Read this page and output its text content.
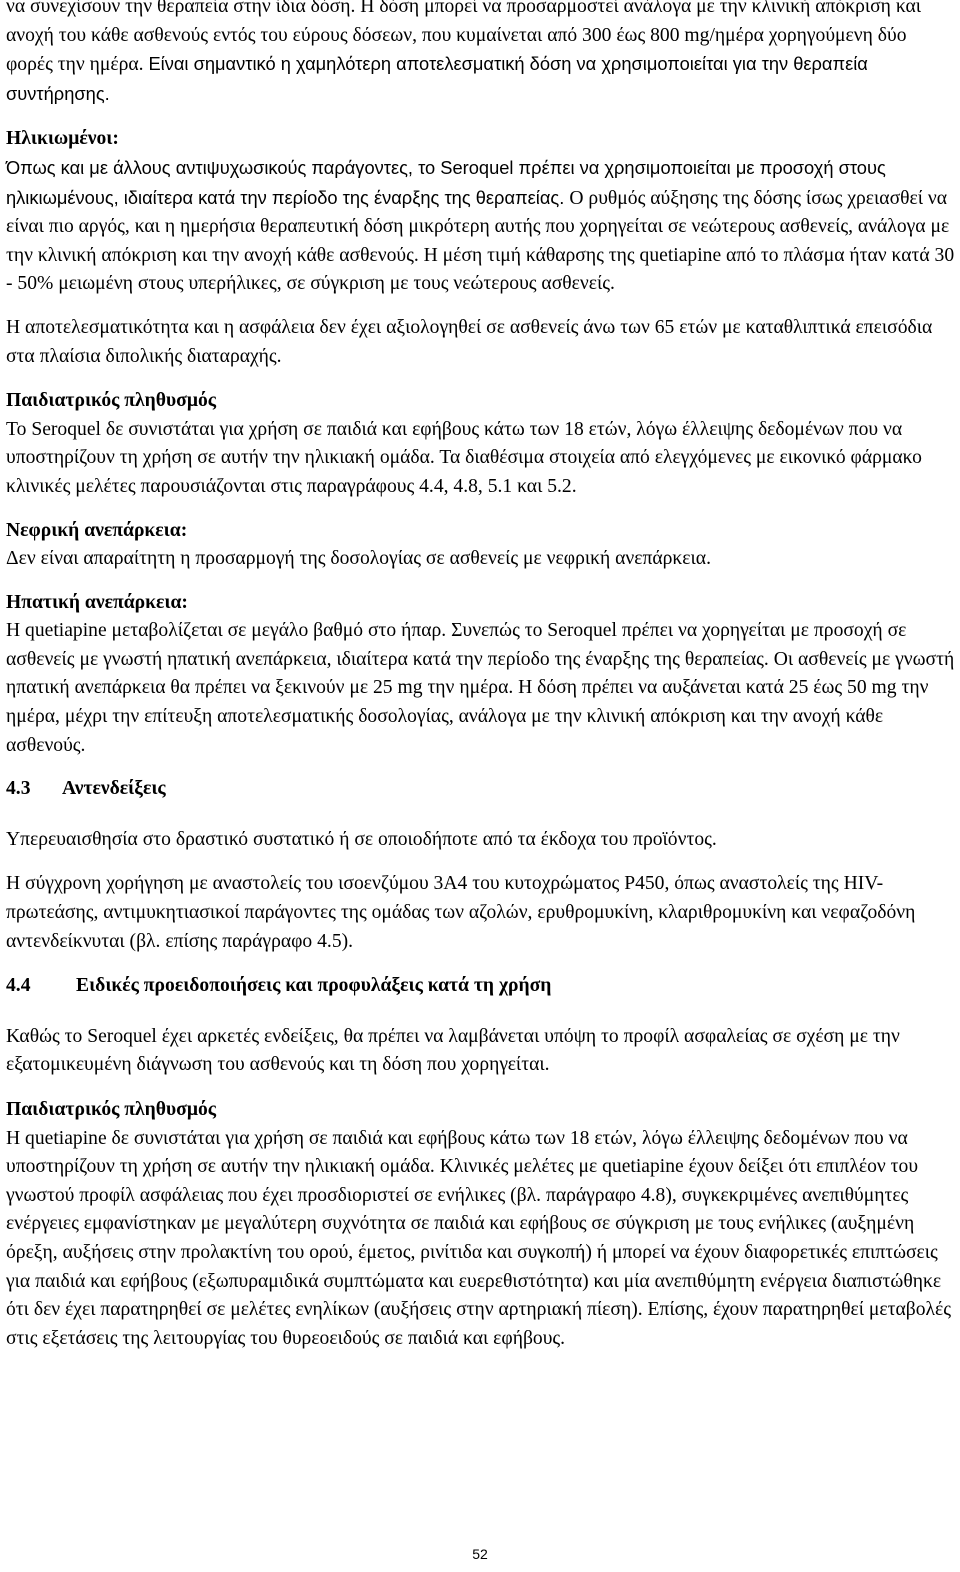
να συνεχίσουν την θεραπεία στην ίδια δόση. Η δόση μπορεί να προσαρμοστεί ανάλογα με την κλινική απόκριση και ανοχή του κάθε ασθενούς εντός του εύρους δόσεων, που κυμαίνεται από 300 έως 800 mg/ημέρα χορηγούμενη δύο φορές την ημέρα. Είναι σημαντικό η χαμηλότερη αποτελεσματική δόση να χρησιμοποιείται για την θεραπεία συντήρησης.

Ηλικιωμένοι:

Όπως και με άλλους αντιψυχωσικούς παράγοντες, το Seroquel πρέπει να χρησιμοποιείται με προσοχή στους ηλικιωμένους, ιδιαίτερα κατά την περίοδο της έναρξης της θεραπείας. Ο ρυθμός αύξησης της δόσης ίσως χρειασθεί να είναι πιο αργός, και η ημερήσια θεραπευτική δόση μικρότερη αυτής που χορηγείται σε νεώτερους ασθενείς, ανάλογα με την κλινική απόκριση και την ανοχή κάθε ασθενούς. Η μέση τιμή κάθαρσης της quetiapine από το πλάσμα ήταν κατά 30 - 50% μειωμένη στους υπερήλικες, σε σύγκριση με τους νεώτερους ασθενείς.

Η αποτελεσματικότητα και η ασφάλεια δεν έχει αξιολογηθεί σε ασθενείς άνω των 65 ετών με καταθλιπτικά επεισόδια στα πλαίσια διπολικής διαταραχής.

Παιδιατρικός πληθυσμός

Το Seroquel δε συνιστάται για χρήση σε παιδιά και εφήβους κάτω των 18 ετών, λόγω έλλειψης δεδομένων που να υποστηρίζουν τη χρήση σε αυτήν την ηλικιακή ομάδα. Τα διαθέσιμα στοιχεία από ελεγχόμενες με εικονικό φάρμακο κλινικές μελέτες παρουσιάζονται στις παραγράφους 4.4, 4.8, 5.1 και 5.2.

Νεφρική ανεπάρκεια:

Δεν είναι απαραίτητη η προσαρμογή της δοσολογίας σε ασθενείς με νεφρική ανεπάρκεια.

Ηπατική ανεπάρκεια:

Η quetiapine μεταβολίζεται σε μεγάλο βαθμό στο ήπαρ. Συνεπώς το Seroquel πρέπει να χορηγείται με προσοχή σε ασθενείς με γνωστή ηπατική ανεπάρκεια, ιδιαίτερα κατά την περίοδο της έναρξης της θεραπείας. Οι ασθενείς με γνωστή ηπατική ανεπάρκεια θα πρέπει να ξεκινούν με 25 mg την ημέρα. Η δόση πρέπει να αυξάνεται κατά 25 έως 50 mg την ημέρα, μέχρι την επίτευξη αποτελεσματικής δοσολογίας, ανάλογα με την κλινική απόκριση και την ανοχή κάθε ασθενούς.

4.3 Αντενδείξεις

Υπερευαισθησία στο δραστικό συστατικό ή σε οποιοδήποτε από τα έκδοχα του προϊόντος.

Η σύγχρονη χορήγηση με αναστολείς του ισοενζύμου 3A4 του κυτοχρώματος P450, όπως αναστολείς της HIV-πρωτεάσης, αντιμυκητιασικοί παράγοντες της ομάδας των αζολών, ερυθρομυκίνη, κλαριθρομυκίνη και νεφαζοδόνη αντενδείκνυται (βλ. επίσης παράγραφο 4.5).

4.4 Ειδικές προειδοποιήσεις και προφυλάξεις κατά τη χρήση

Καθώς το Seroquel έχει αρκετές ενδείξεις, θα πρέπει να λαμβάνεται υπόψη το προφίλ ασφαλείας σε σχέση με την εξατομικευμένη διάγνωση του ασθενούς και τη δόση που χορηγείται.

Παιδιατρικός πληθυσμός

Η quetiapine δε συνιστάται για χρήση σε παιδιά και εφήβους κάτω των 18 ετών, λόγω έλλειψης δεδομένων που να υποστηρίζουν τη χρήση σε αυτήν την ηλικιακή ομάδα. Κλινικές μελέτες με quetiapine έχουν δείξει ότι επιπλέον του γνωστού προφίλ ασφάλειας που έχει προσδιοριστεί σε ενήλικες (βλ. παράγραφο 4.8), συγκεκριμένες ανεπιθύμητες ενέργειες εμφανίστηκαν με μεγαλύτερη συχνότητα σε παιδιά και εφήβους σε σύγκριση με τους ενήλικες (αυξημένη όρεξη, αυξήσεις στην προλακτίνη του ορού, έμετος, ρινίτιδα και συγκοπή) ή μπορεί να έχουν διαφορετικές επιπτώσεις για παιδιά και εφήβους (εξωπυραμιδικά συμπτώματα και ευερεθιστότητα) και μία ανεπιθύμητη ενέργεια διαπιστώθηκε ότι δεν έχει παρατηρηθεί σε μελέτες ενηλίκων (αυξήσεις στην αρτηριακή πίεση). Επίσης, έχουν παρατηρηθεί μεταβολές στις εξετάσεις της λειτουργίας του θυρεοειδούς σε παιδιά και εφήβους.

52
